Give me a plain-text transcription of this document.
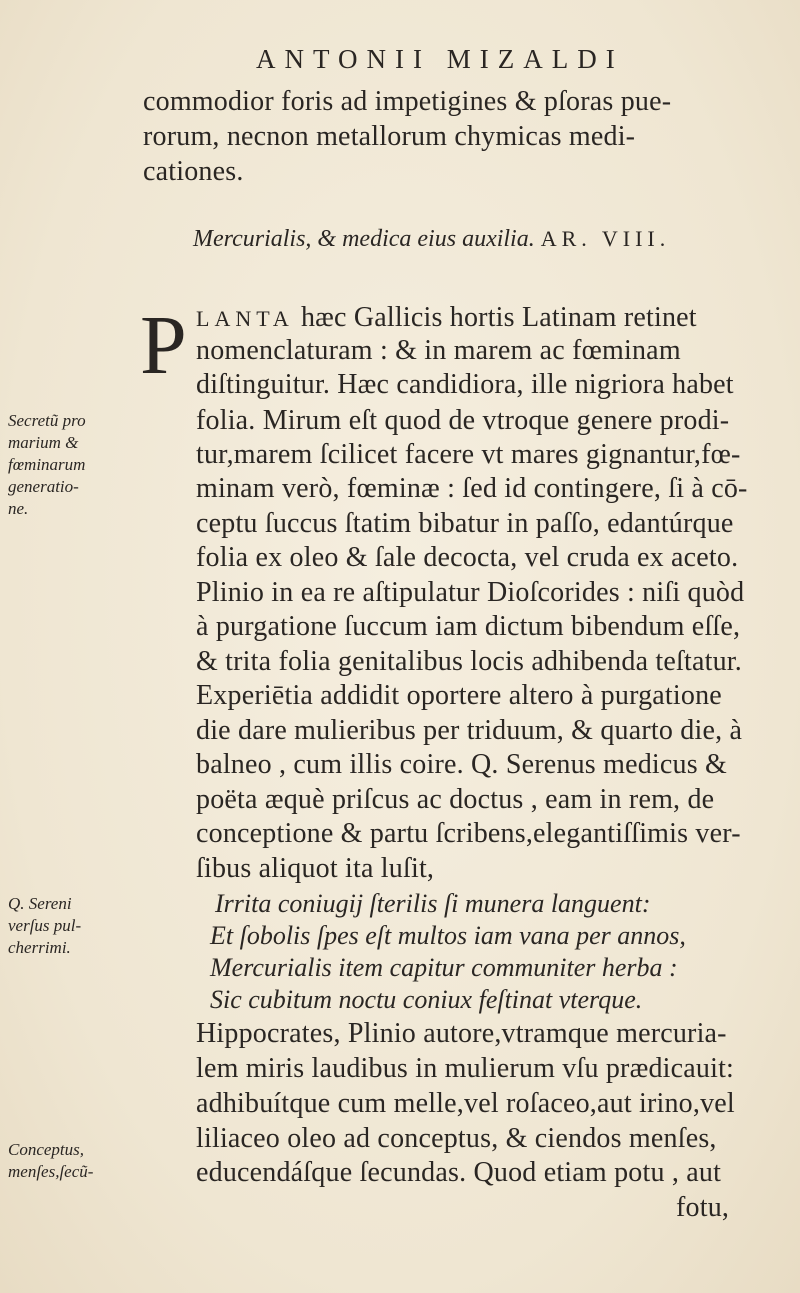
ANTONII MIZALDI
commodior foris ad impetigines & pſoras pue-
rorum, necnon metallorum chymicas medi-
cationes.
Mercurialis, & medica eius auxilia. AR. VIII.
P LANTA hæc Gallicis hortis Latinam retinet
nomenclaturam : & in marem ac fœminam
diſtinguitur. Hæc candidiora, ille nigriora habet
folia. Mirum eſt quod de vtroque genere prodi-
tur,marem ſcilicet facere vt mares gignantur,fœ-
minam verò, fœminæ : ſed id contingere, ſi à cō-
ceptu ſuccus ſtatim bibatur in paſſo, edantúrque
folia ex oleo & ſale decocta, vel cruda ex aceto.
Plinio in ea re aſtipulatur Dioſcorides : niſi quòd
à purgatione ſuccum iam dictum bibendum eſſe,
& trita folia genitalibus locis adhibenda teſtatur.
Experiētia addidit oportere altero à purgatione
die dare mulieribus per triduum, & quarto die, à
balneo , cum illis coire. Q. Serenus medicus &
poëta æquè priſcus ac doctus , eam in rem, de
conceptione & partu ſcribens,elegantiſſimis ver-
ſibus aliquot ita luſit,
Irrita coniugij ſterilis ſi munera languent:
Et ſobolis ſpes eſt multos iam vana per annos,
Mercurialis item capitur communiter herba :
Sic cubitum noctu coniux feſtinat vterque.
Hippocrates, Plinio autore,vtramque mercuria-
lem miris laudibus in mulierum vſu prædicauit:
adhibuítque cum melle,vel roſaceo,aut irino,vel
liliaceo oleo ad conceptus, & ciendos menſes,
educendáſque ſecundas. Quod etiam potu , aut
fotu,
Secretũ pro
marium &
fœminarum
generatio-
ne.
Q. Sereni
verſus pul-
cherrimi.
Conceptus,
menſes,ſecũ-
